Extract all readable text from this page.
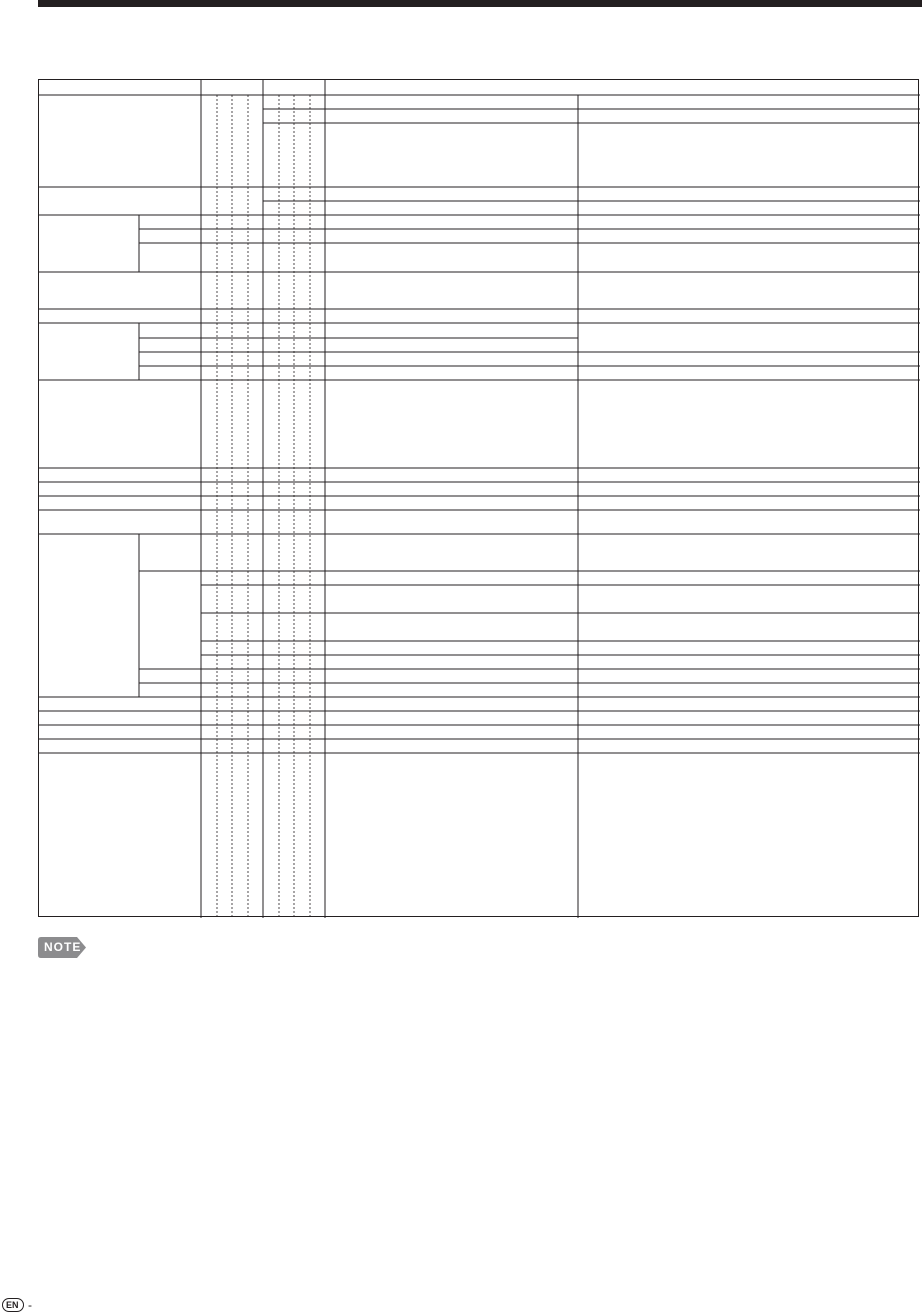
NOTE
EN -
